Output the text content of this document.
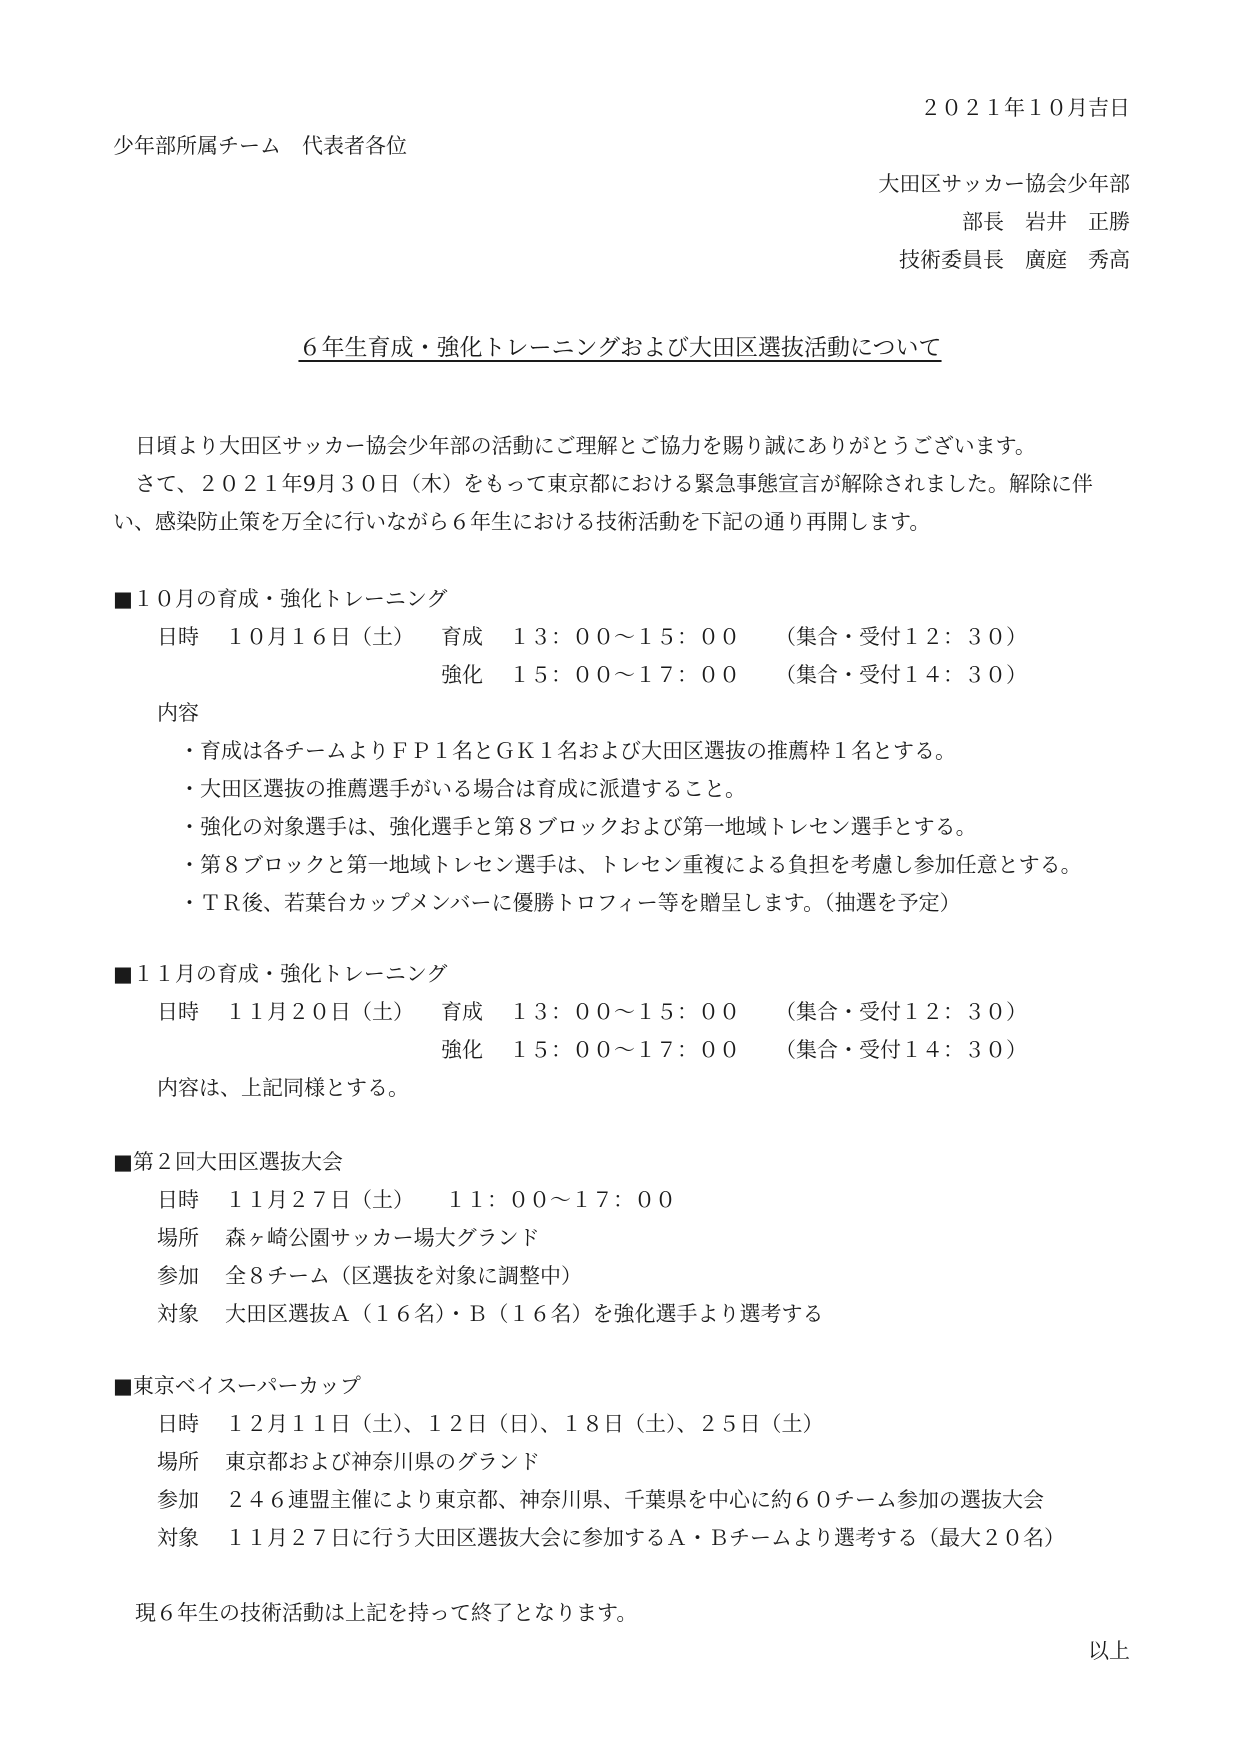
２０２１年１０月吉日
少年部所属チーム　代表者各位
大田区サッカー協会少年部
部長　岩井　正勝
技術委員長　廣庭　秀高
６年生育成・強化トレーニングおよび大田区選抜活動について
日頃より大田区サッカー協会少年部の活動にご理解とご協力を賜り誠にありがとうございます。
さて、２０２１年9月３０日（木）をもって東京都における緊急事態宣言が解除されました。解除に伴
い、感染防止策を万全に行いながら６年生における技術活動を下記の通り再開します。
■１０月の育成・強化トレーニング
日時 １０月１６日（土） 育成 １３：００～１５：００ （集合・受付１２：３０）
強化 １５：００～１７：００ （集合・受付１４：３０）
内容
・育成は各チームよりＦＰ１名とＧＫ１名および大田区選抜の推薦枠１名とする。
・大田区選抜の推薦選手がいる場合は育成に派遣すること。
・強化の対象選手は、強化選手と第８ブロックおよび第一地域トレセン選手とする。
・第８ブロックと第一地域トレセン選手は、トレセン重複による負担を考慮し参加任意とする。
・ＴＲ後、若葉台カップメンバーに優勝トロフィー等を贈呈します。（抽選を予定）
■１１月の育成・強化トレーニング
日時 １１月２０日（土） 育成 １３：００～１５：００ （集合・受付１２：３０）
強化 １５：００～１７：００ （集合・受付１４：３０）
内容は、上記同様とする。
■第２回大田区選抜大会
日時 １１月２７日（土） １１：００～１７：００
場所 森ヶ崎公園サッカー場大グランド
参加 全８チーム（区選抜を対象に調整中）
対象 大田区選抜Ａ（１６名）・Ｂ（１６名）を強化選手より選考する
■東京ベイスーパーカップ
日時 １２月１１日（土）、１２日（日）、１８日（土）、２５日（土）
場所 東京都および神奈川県のグランド
参加 ２４６連盟主催により東京都、神奈川県、千葉県を中心に約６０チーム参加の選抜大会
対象 １１月２７日に行う大田区選抜大会に参加するＡ・Ｂチームより選考する（最大２０名）
現６年生の技術活動は上記を持って終了となります。
以上
